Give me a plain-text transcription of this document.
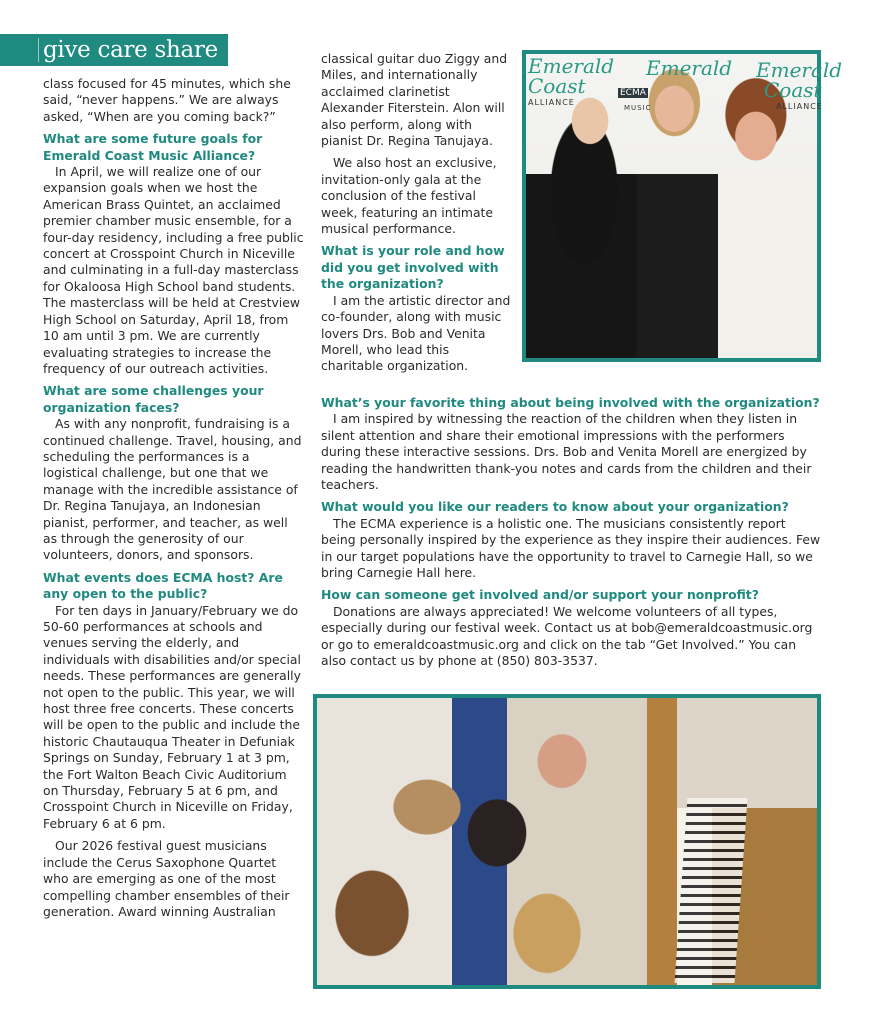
give care share

class focused for 45 minutes, which she said, “never happens.” We are always asked, “When are you coming back?”

What are some future goals for Emerald Coast Music Alliance?

In April, we will realize one of our expansion goals when we host the American Brass Quintet, an acclaimed premier chamber music ensemble, for a four-day residency, including a free public concert at Crosspoint Church in Niceville and culminating in a full-day masterclass for Okaloosa High School band students. The masterclass will be held at Crestview High School on Saturday, April 18, from 10 am until 3 pm. We are currently evaluating strategies to increase the frequency of our outreach activities.

What are some challenges your organization faces?

As with any nonprofit, fundraising is a continued challenge. Travel, housing, and scheduling the performances is a logistical challenge, but one that we manage with the incredible assistance of Dr. Regina Tanujaya, an Indonesian pianist, performer, and teacher, as well as through the generosity of our volunteers, donors, and sponsors.

What events does ECMA host? Are any open to the public?

For ten days in January/February we do 50-60 performances at schools and venues serving the elderly, and individuals with disabilities and/or special needs. These performances are generally not open to the public. This year, we will host three free concerts. These concerts will be open to the public and include the historic Chautauqua Theater in Defuniak Springs on Sunday, February 1 at 3 pm, the Fort Walton Beach Civic Auditorium on Thursday, February 5 at 6 pm, and Crosspoint Church in Niceville on Friday, February 6 at 6 pm.

Our 2026 festival guest musicians include the Cerus Saxophone Quartet who are emerging as one of the most compelling chamber ensembles of their generation. Award winning Australian

classical guitar duo Ziggy and Miles, and internationally acclaimed clarinetist Alexander Fiterstein. Alon will also perform, along with pianist Dr. Regina Tanujaya.

We also host an exclusive, invitation-only gala at the conclusion of the festival week, featuring an intimate musical performance.

What is your role and how did you get involved with the organization?

I am the artistic director and co-founder, along with music lovers Drs. Bob and Venita Morell, who lead this charitable organization.

What’s your favorite thing about being involved with the organization?

I am inspired by witnessing the reaction of the children when they listen in silent attention and share their emotional impressions with the performers during these interactive sessions. Drs. Bob and Venita Morell are energized by reading the handwritten thank-you notes and cards from the children and their teachers.

What would you like our readers to know about your organization?

The ECMA experience is a holistic one. The musicians consistently report being personally inspired by the experience as they inspire their audiences. Few in our target populations have the opportunity to travel to Carnegie Hall, so we bring Carnegie Hall here.

How can someone get involved and/or support your nonprofit?

Donations are always appreciated! We welcome volunteers of all types, especially during our festival week. Contact us at bob@emeraldcoastmusic.org or go to emeraldcoastmusic.org and click on the tab “Get Involved.” You can also contact us by phone at (850) 803-3537.

Emerald
Coast
Emerald Emerald
Coast
ALLIANCE	ALLIANCE
ECMA
MUSIC
